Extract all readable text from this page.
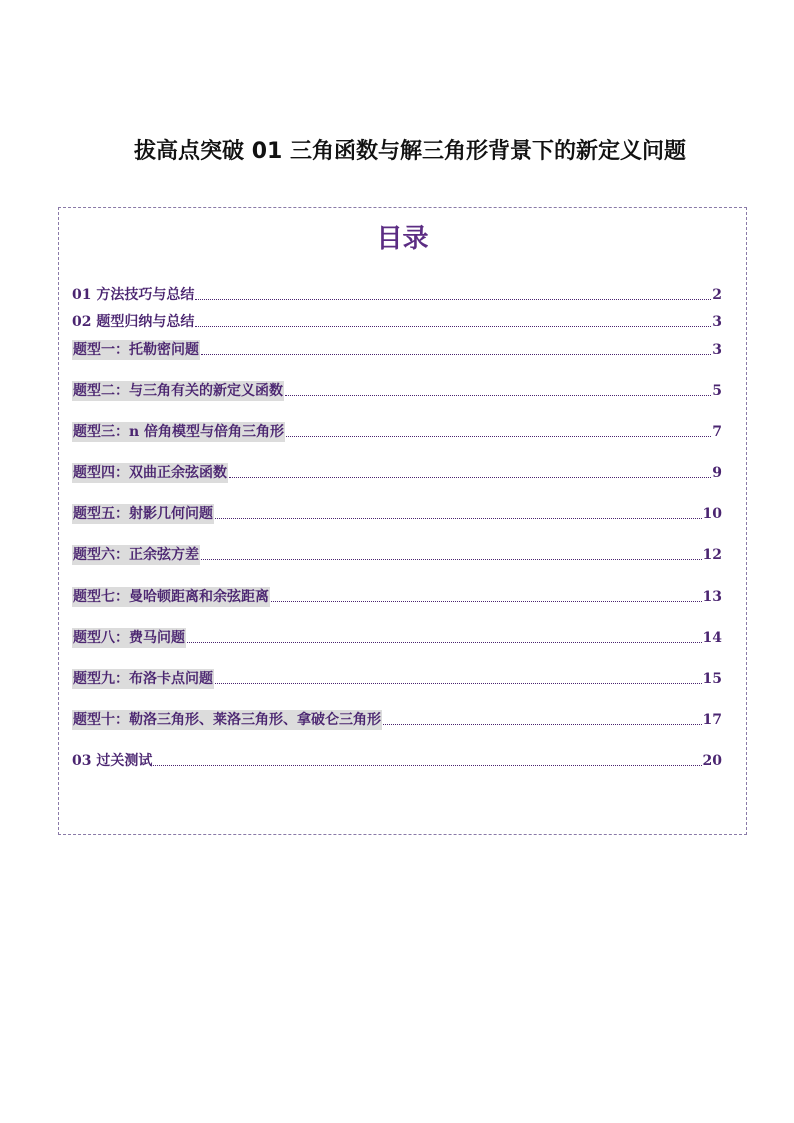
拔高点突破 01 三角函数与解三角形背景下的新定义问题
目录
01 方法技巧与总结	2
02 题型归纳与总结	3
题型一：托勒密问题	3
题型二：与三角有关的新定义函数	5
题型三：n 倍角模型与倍角三角形	7
题型四：双曲正余弦函数	9
题型五：射影几何问题	10
题型六：正余弦方差	12
题型七：曼哈顿距离和余弦距离	13
题型八：费马问题	14
题型九：布洛卡点问题	15
题型十：勒洛三角形、莱洛三角形、拿破仑三角形	17
03 过关测试	20
